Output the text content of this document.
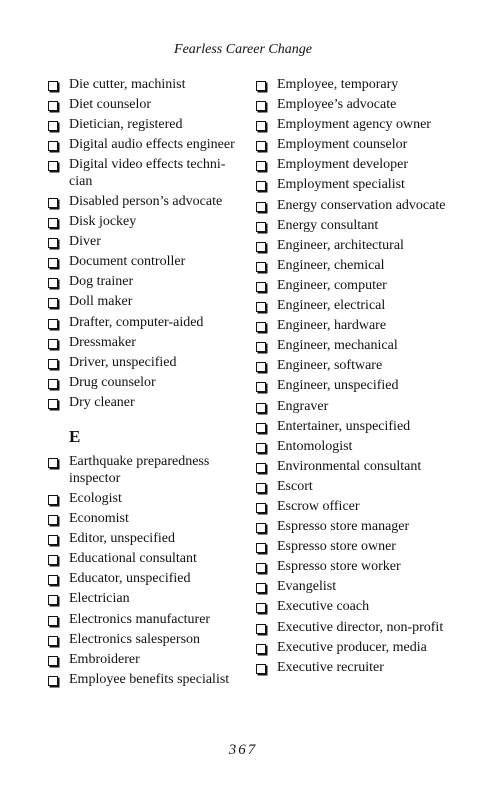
Fearless Career Change
Die cutter, machinist
Diet counselor
Dietician, registered
Digital audio effects engineer
Digital video effects techni-cian
Disabled person’s advocate
Disk jockey
Diver
Document controller
Dog trainer
Doll maker
Drafter, computer-aided
Dressmaker
Driver, unspecified
Drug counselor
Dry cleaner
E
Earthquake preparedness inspector
Ecologist
Economist
Editor, unspecified
Educational consultant
Educator, unspecified
Electrician
Electronics manufacturer
Electronics salesperson
Embroiderer
Employee benefits specialist
Employee, temporary
Employee’s advocate
Employment agency owner
Employment counselor
Employment developer
Employment specialist
Energy conservation advocate
Energy consultant
Engineer, architectural
Engineer, chemical
Engineer, computer
Engineer, electrical
Engineer, hardware
Engineer, mechanical
Engineer, software
Engineer, unspecified
Engraver
Entertainer, unspecified
Entomologist
Environmental consultant
Escort
Escrow officer
Espresso store manager
Espresso store owner
Espresso store worker
Evangelist
Executive coach
Executive director, non-profit
Executive producer, media
Executive recruiter
367
